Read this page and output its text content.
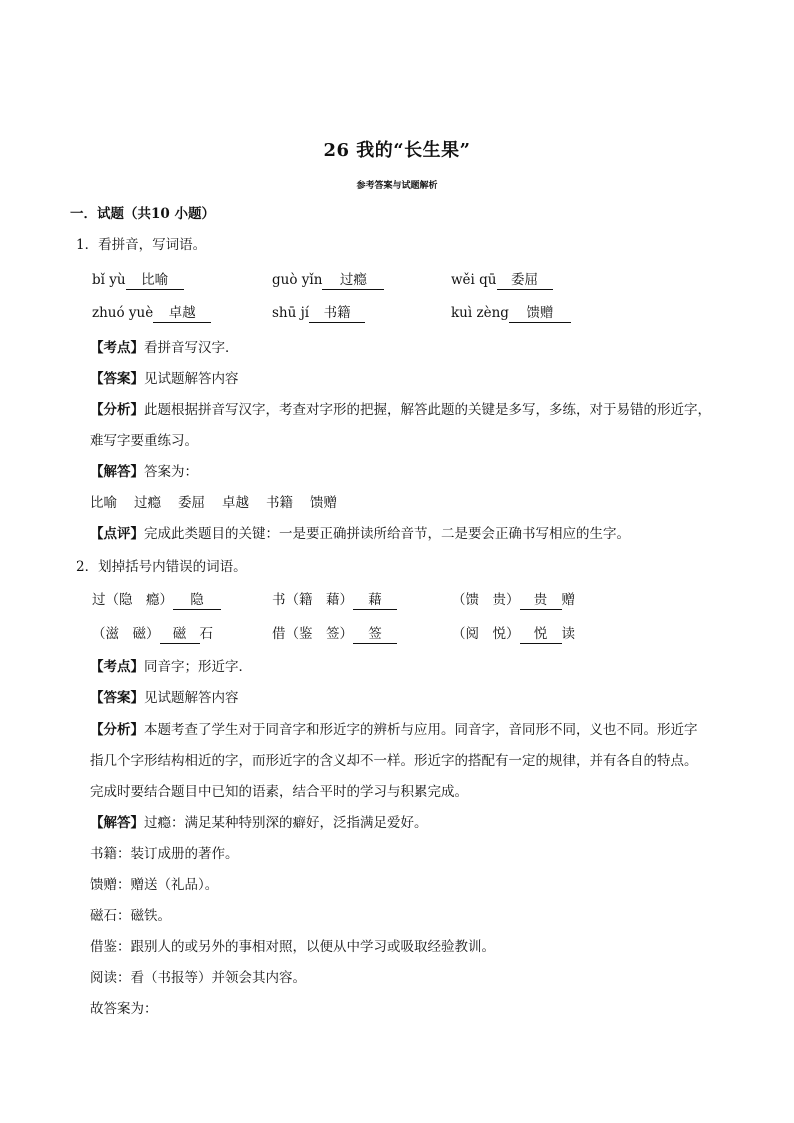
26 我的“长生果”
参考答案与试题解析
一．试题（共10 小题）
1．看拼音，写词语。
bǐ yù 比喻	guò yǐn 过瘾	wěi qū 委屈
zhuó yuè 卓越	shū jí 书籍	kuì zèng 馈赠
【考点】看拼音写汉字．
【答案】见试题解答内容
【分析】此题根据拼音写汉字，考查对字形的把握，解答此题的关键是多写，多练，对于易错的形近字，
难写字要重练习。
【解答】答案为：
比喻 过瘾 委屈 卓越 书籍 馈赠
【点评】完成此类题目的关键：一是要正确拼读所给音节，二是要会正确书写相应的生字。
2．划掉括号内错误的词语。
过（隐　瘾） 隐	书（籍　藉） 藉	（馈　贵） 贵 赠
（滋　磁） 磁 石	借（鉴　签） 签	（阅　悦） 悦 读
【考点】同音字；形近字．
【答案】见试题解答内容
【分析】本题考查了学生对于同音字和形近字的辨析与应用。同音字，音同形不同，义也不同。形近字
指几个字形结构相近的字，而形近字的含义却不一样。形近字的搭配有一定的规律，并有各自的特点。
完成时要结合题目中已知的语素，结合平时的学习与积累完成。
【解答】过瘾：满足某种特别深的癖好，泛指满足爱好。
书籍：装订成册的著作。
馈赠：赠送（礼品）。
磁石：磁铁。
借鉴：跟别人的或另外的事相对照，以便从中学习或吸取经验教训。
阅读：看（书报等）并领会其内容。
故答案为：
